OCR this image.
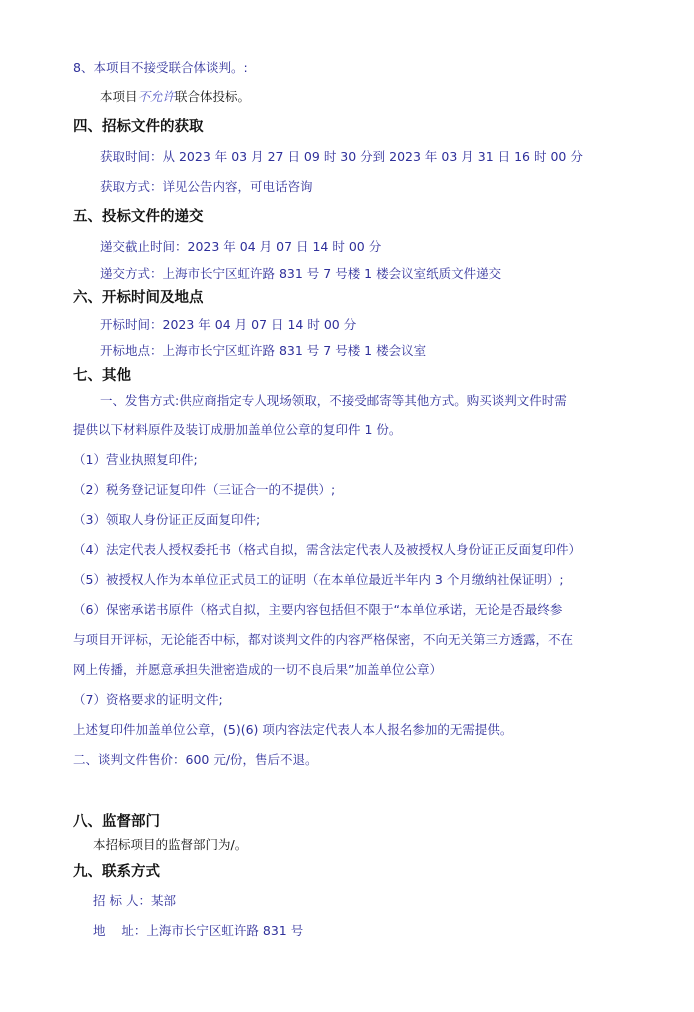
8、本项目不接受联合体谈判。:
本项目不允许联合体投标。
四、招标文件的获取
获取时间：从 2023 年 03 月 27 日 09 时 30 分到 2023 年 03 月 31 日 16 时 00 分
获取方式：详见公告内容，可电话咨询
五、投标文件的递交
递交截止时间：2023 年 04 月 07 日 14 时 00 分
递交方式：上海市长宁区虹许路 831 号 7 号楼 1 楼会议室纸质文件递交
六、开标时间及地点
开标时间：2023 年 04 月 07 日 14 时 00 分
开标地点：上海市长宁区虹许路 831 号 7 号楼 1 楼会议室
七、其他
一、发售方式:供应商指定专人现场领取，不接受邮寄等其他方式。购买谈判文件时需
提供以下材料原件及装订成册加盖单位公章的复印件 1 份。
（1）营业执照复印件;
（2）税务登记证复印件（三证合一的不提供）;
（3）领取人身份证正反面复印件;
（4）法定代表人授权委托书（格式自拟，需含法定代表人及被授权人身份证正反面复印件）
（5）被授权人作为本单位正式员工的证明（在本单位最近半年内 3 个月缴纳社保证明）;
（6）保密承诺书原件（格式自拟，主要内容包括但不限于“本单位承诺，无论是否最终参
与项目开评标，无论能否中标，都对谈判文件的内容严格保密，不向无关第三方透露，不在
网上传播，并愿意承担失泄密造成的一切不良后果”加盖单位公章）
（7）资格要求的证明文件;
上述复印件加盖单位公章，(5)(6) 项内容法定代表人本人报名参加的无需提供。
二、谈判文件售价：600 元/份，售后不退。
八、监督部门
本招标项目的监督部门为/。
九、联系方式
招 标 人：某部
地    址：上海市长宁区虹许路 831 号
